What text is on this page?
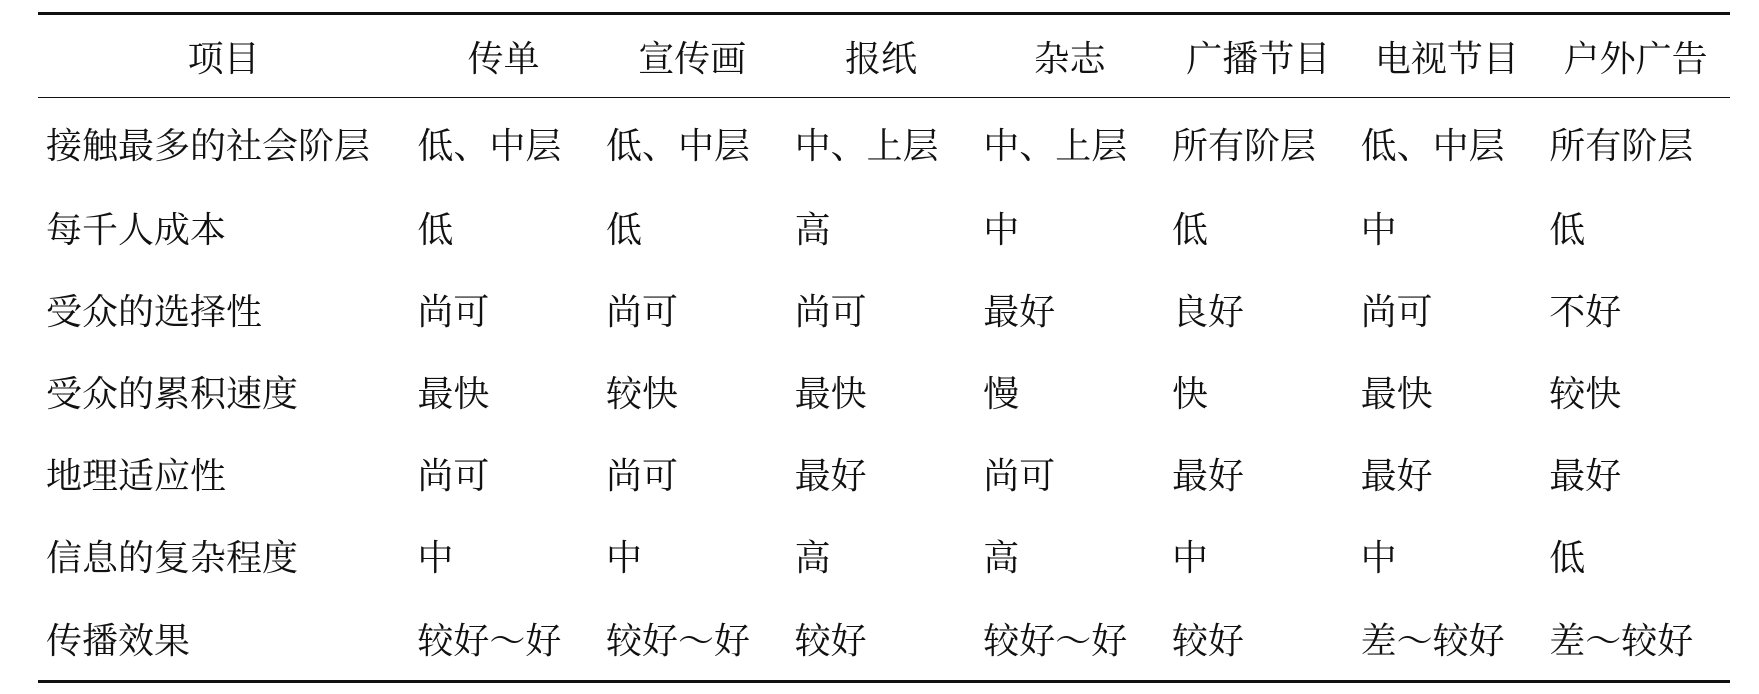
项目	传单	宣传画	报纸	杂志	广播节目	电视节目	户外广告
接触最多的社会阶层	低、中层	低、中层	中、上层	中、上层	所有阶层	低、中层	所有阶层
每千人成本	低	低	高	中	低	中	低
受众的选择性	尚可	尚可	尚可	最好	良好	尚可	不好
受众的累积速度	最快	较快	最快	慢	快	最快	较快
地理适应性	尚可	尚可	最好	尚可	最好	最好	最好
信息的复杂程度	中	中	高	高	中	中	低
传播效果	较好～好	较好～好	较好	较好～好	较好	差～较好	差～较好
